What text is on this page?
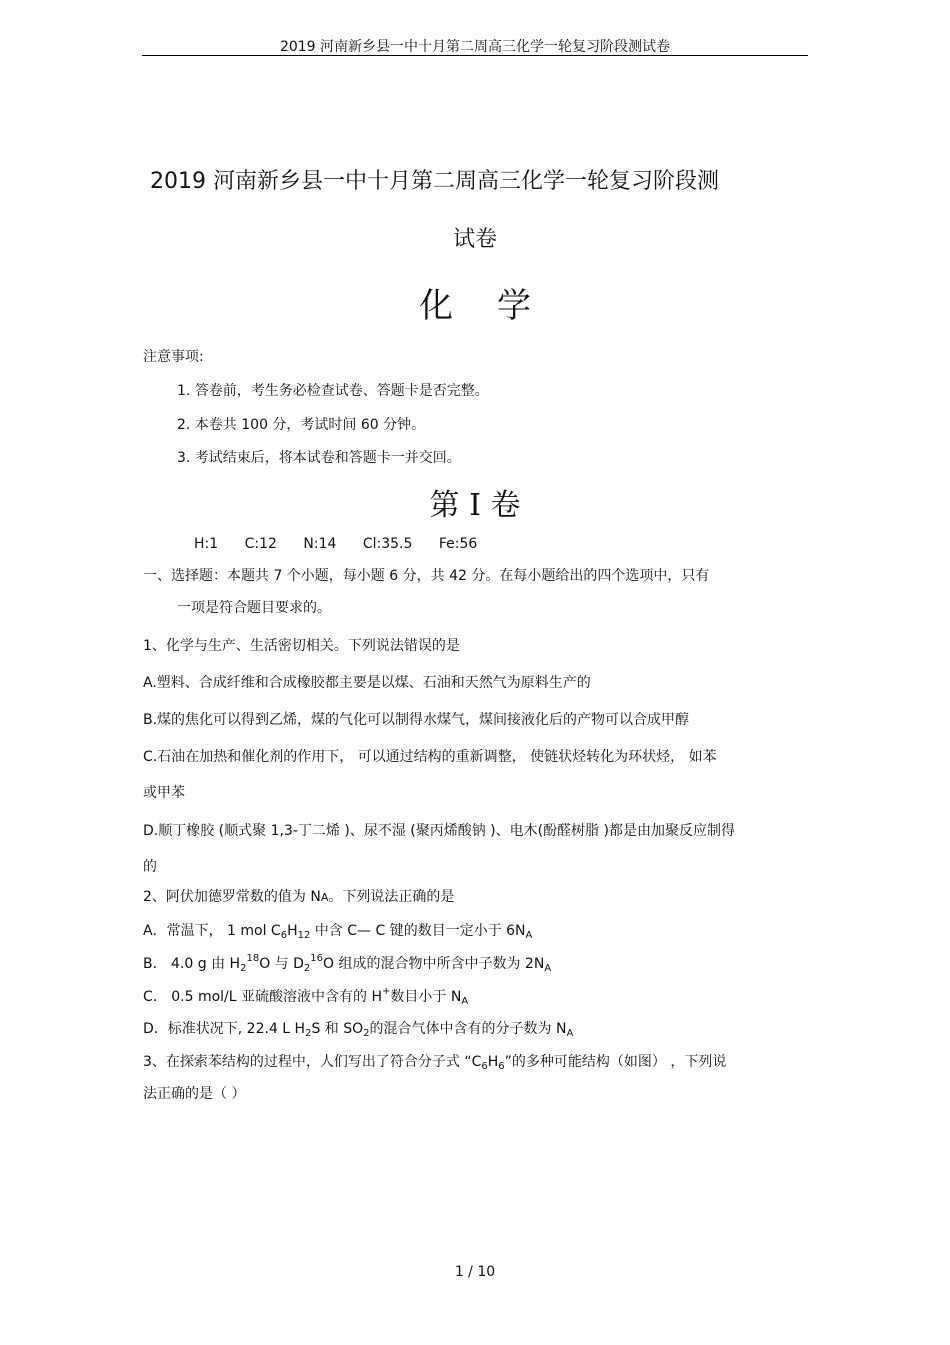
2019 河南新乡县一中十月第二周高三化学一轮复习阶段测试卷
2019 河南新乡县一中十月第二周高三化学一轮复习阶段测
试卷
化学
注意事项:
1. 答卷前，考生务必检查试卷、答题卡是否完整。
2. 本卷共 100 分，考试时间 60 分钟。
3. 考试结束后，将本试卷和答题卡一并交回。
第 I 卷
H:1 C:12 N:14 Cl:35.5 Fe:56
一、选择题：本题共 7 个小题，每小题 6 分，共 42 分。在每小题给出的四个选项中，只有
一项是符合题目要求的。
1、化学与生产、生活密切相关。下列说法错误的是
A.塑料、合成纤维和合成橡胶都主要是以煤、石油和天然气为原料生产的
B.煤的焦化可以得到乙烯，煤的气化可以制得水煤气，煤间接液化后的产物可以合成甲醇
C.石油在加热和催化剂的作用下， 可以通过结构的重新调整， 使链状烃转化为环状烃， 如苯
或甲苯
D.顺丁橡胶 (顺式聚 1,3-丁二烯 )、尿不湿 (聚丙烯酸钠 )、电木(酚醛树脂 )都是由加聚反应制得
的
2、阿伏加德罗常数的值为 NA。下列说法正确的是
A．常温下， 1 mol $C_6H_{12}$ 中含 C— C 键的数目一定小于 $6N_A$
B． 4.0 g 由 $H_2^{18}O$ 与 $D_2^{16}O$ 组成的混合物中所含中子数为 $2N_A$
C． 0.5 mol/L 亚硫酸溶液中含有的 H+数目小于 $N_A$
D．标准状况下, 22.4 L $H_2S$ 和 $SO_2$的混合气体中含有的分子数为 $N_A$
3、在探索苯结构的过程中，人们写出了符合分子式 “$C_6H_6$”的多种可能结构（如图） ，下列说
法正确的是（ ）
1 / 10
